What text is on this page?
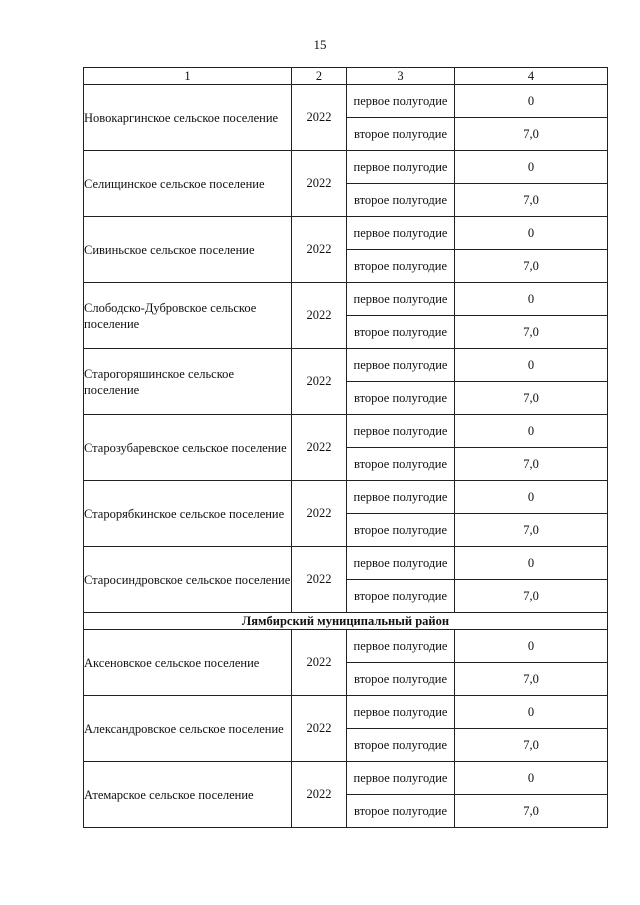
15
1	2	3	4
Новокаргинское сельское поселение	2022	первое полугодие	0
		второе полугодие	7,0
Селищинское сельское поселение	2022	первое полугодие	0
		второе полугодие	7,0
Сивиньское сельское поселение	2022	первое полугодие	0
		второе полугодие	7,0
Слободско-Дубровское сельское поселение	2022	первое полугодие	0
		второе полугодие	7,0
Старогоряшинское сельское поселение	2022	первое полугодие	0
		второе полугодие	7,0
Старозубаревское сельское поселение	2022	первое полугодие	0
		второе полугодие	7,0
Старорябкинское сельское поселение	2022	первое полугодие	0
		второе полугодие	7,0
Старосиндровское сельское поселение	2022	первое полугодие	0
		второе полугодие	7,0
Лямбирский муниципальный район			
Аксеновское сельское поселение	2022	первое полугодие	0
		второе полугодие	7,0
Александровское сельское поселение	2022	первое полугодие	0
		второе полугодие	7,0
Атемарское сельское поселение	2022	первое полугодие	0
		второе полугодие	7,0
